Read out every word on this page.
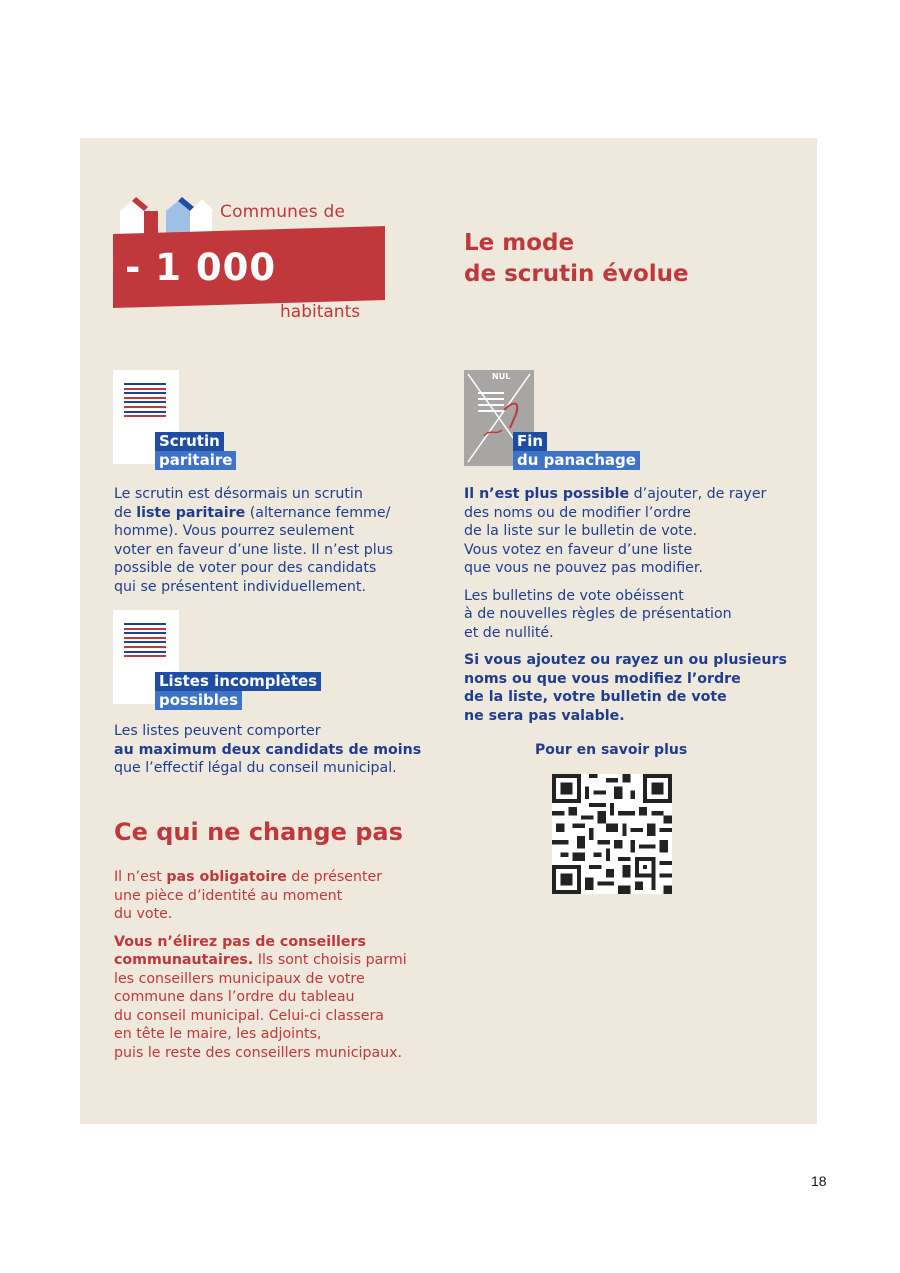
Communes de
- 1 000
habitants
Le mode
de scrutin évolue
Scrutin
paritaire
Le scrutin est désormais un scrutin
de liste paritaire (alternance femme/
homme). Vous pourrez seulement
voter en faveur d’une liste. Il n’est plus
possible de voter pour des candidats
qui se présentent individuellement.
Listes incomplètes
possibles
Les listes peuvent comporter
au maximum deux candidats de moins
que l’effectif légal du conseil municipal.
NUL
Fin
du panachage
Il n’est plus possible d’ajouter, de rayer
des noms ou de modifier l’ordre
de la liste sur le bulletin de vote.
Vous votez en faveur d’une liste
que vous ne pouvez pas modifier.
Les bulletins de vote obéissent
à de nouvelles règles de présentation
et de nullité.
Si vous ajoutez ou rayez un ou plusieurs
noms ou que vous modifiez l’ordre
de la liste, votre bulletin de vote
ne sera pas valable.
Pour en savoir plus
Ce qui ne change pas
Il n’est pas obligatoire de présenter
une pièce d’identité au moment
du vote.
Vous n’élirez pas de conseillers
communautaires. Ils sont choisis parmi
les conseillers municipaux de votre
commune dans l’ordre du tableau
du conseil municipal. Celui-ci classera
en tête le maire, les adjoints,
puis le reste des conseillers municipaux.
18
